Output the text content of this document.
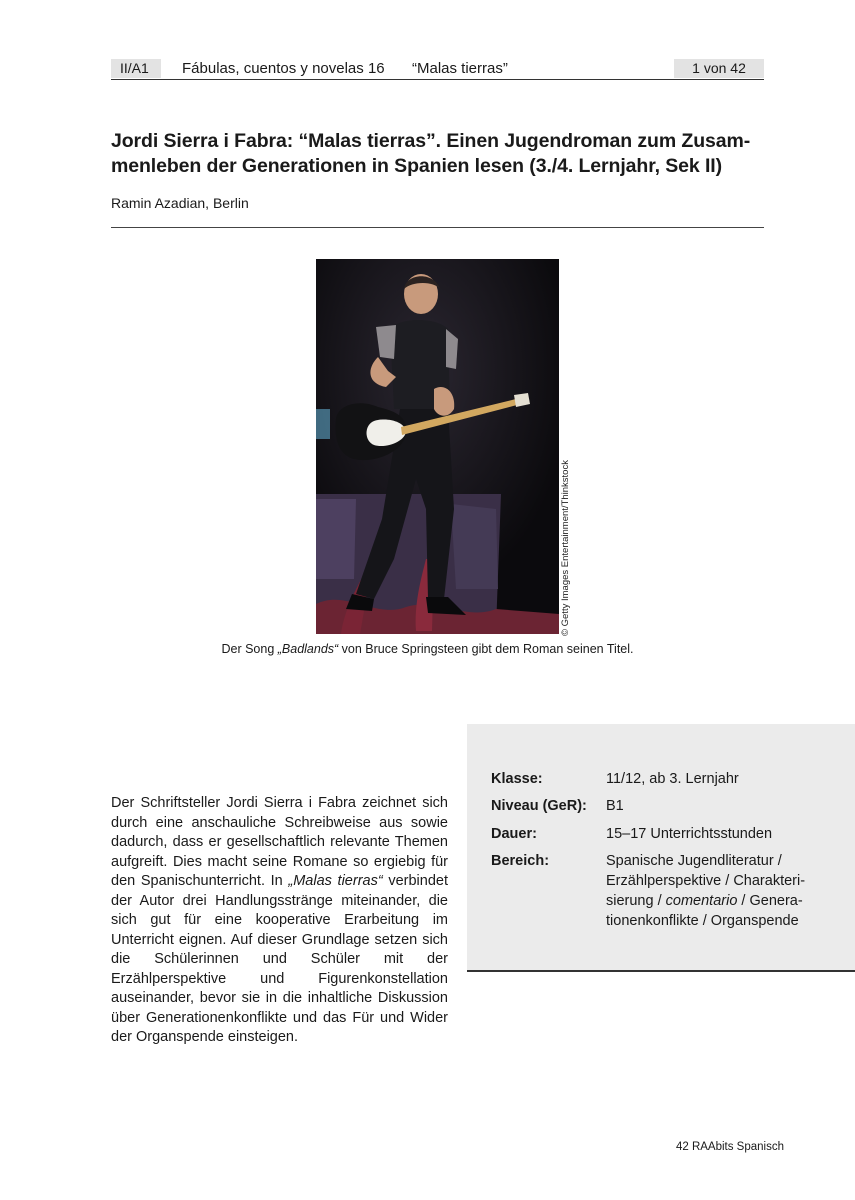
II/A1	Fábulas, cuentos y novelas 16 “Malas tierras”	1 von 42
Jordi Sierra i Fabra: “Malas tierras”. Einen Jugendroman zum Zusam-
menleben der Generationen in Spanien lesen (3./4. Lernjahr, Sek II)
Ramin Azadian, Berlin
© Getty Images Entertainment/Thinkstock
Der Song „Badlands“ von Bruce Springsteen gibt dem Roman seinen Titel.
Klasse:	11/12, ab 3. Lernjahr
Niveau (GeR): B1
Dauer:	15–17 Unterrichtsstunden
Bereich:	Spanische Jugendliteratur /
Erzählperspektive / Charakteri-
sierung / comentario / Genera-
tionenkonflikte / Organspende

Der Schriftsteller Jordi Sierra i Fabra zeichnet sich durch eine anschauliche Schreibweise aus sowie dadurch, dass er gesellschaftlich relevante Themen aufgreift. Dies macht seine Romane so ergiebig für den Spanischunterricht. In „Malas tierras“ verbindet der Autor drei Handlungsstränge miteinander, die sich gut für eine kooperative Erarbeitung im Unterricht eignen. Auf dieser Grundlage setzen sich die Schülerinnen und Schüler mit der Erzählperspektive und Figurenkonstellation auseinander, bevor sie in die inhaltliche Diskussion über Generationenkonflikte und das Für und Wider der Organspende einsteigen.

42 RAAbits Spanisch
